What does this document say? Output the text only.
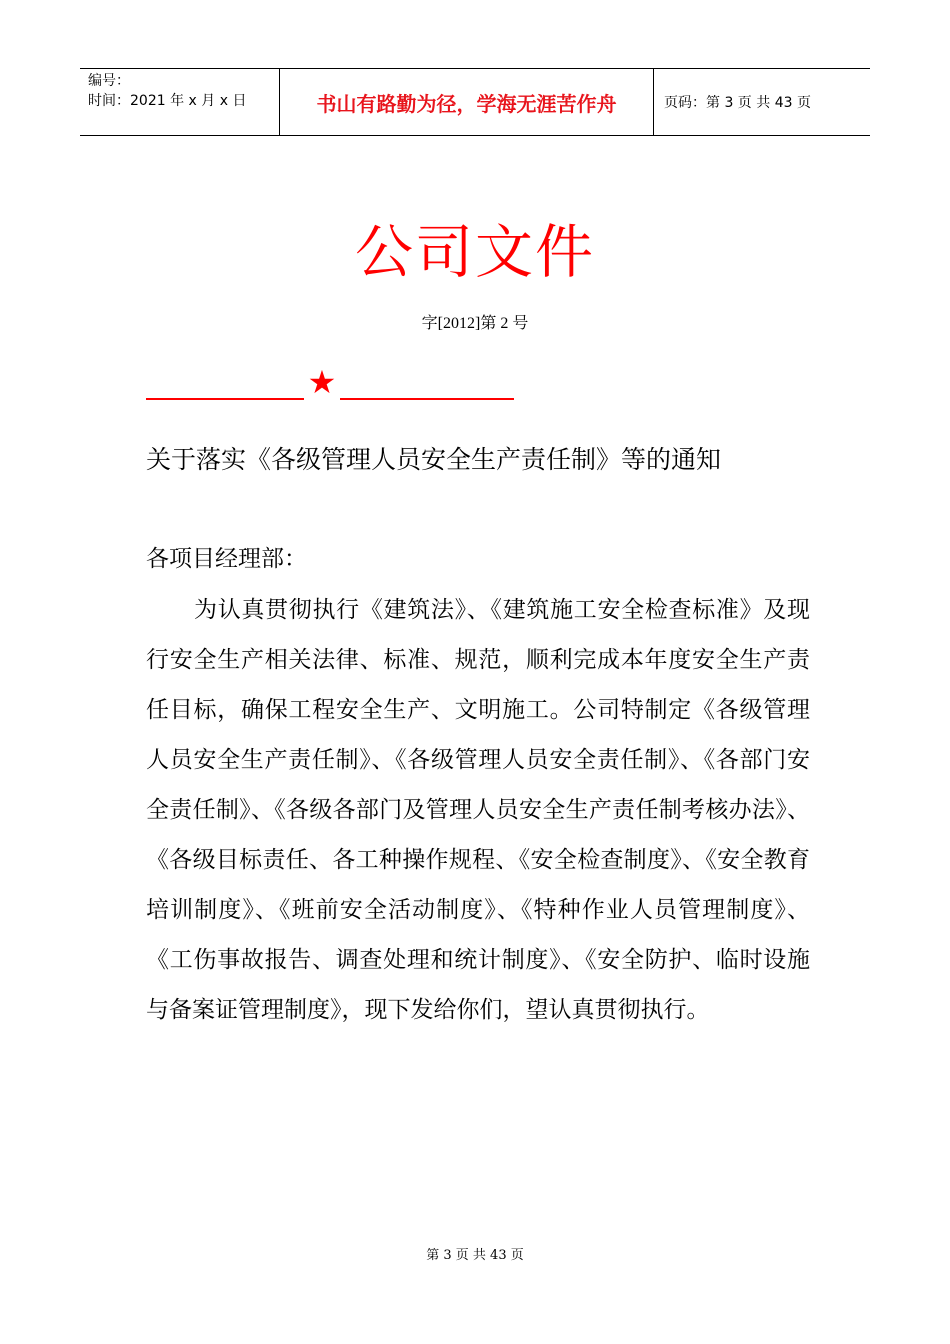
编号：
时间：2021 年 x 月 x 日	书山有路勤为径，学海无涯苦作舟	页码：第 3 页 共 43 页
公司文件
字[2012]第 2 号
★
关于落实《各级管理人员安全生产责任制》等的通知
各项目经理部：
为认真贯彻执行《建筑法》、《建筑施工安全检查标准》及现行安全生产相关法律、标准、规范，顺利完成本年度安全生产责任目标，确保工程安全生产、文明施工。公司特制定《各级管理人员安全生产责任制》、《各级管理人员安全责任制》、《各部门安全责任制》、《各级各部门及管理人员安全生产责任制考核办法》、《各级目标责任、各工种操作规程、《安全检查制度》、《安全教育培训制度》、《班前安全活动制度》、《特种作业人员管理制度》、《工伤事故报告、调查处理和统计制度》、《安全防护、临时设施与备案证管理制度》，现下发给你们，望认真贯彻执行。
第 3 页 共 43 页
